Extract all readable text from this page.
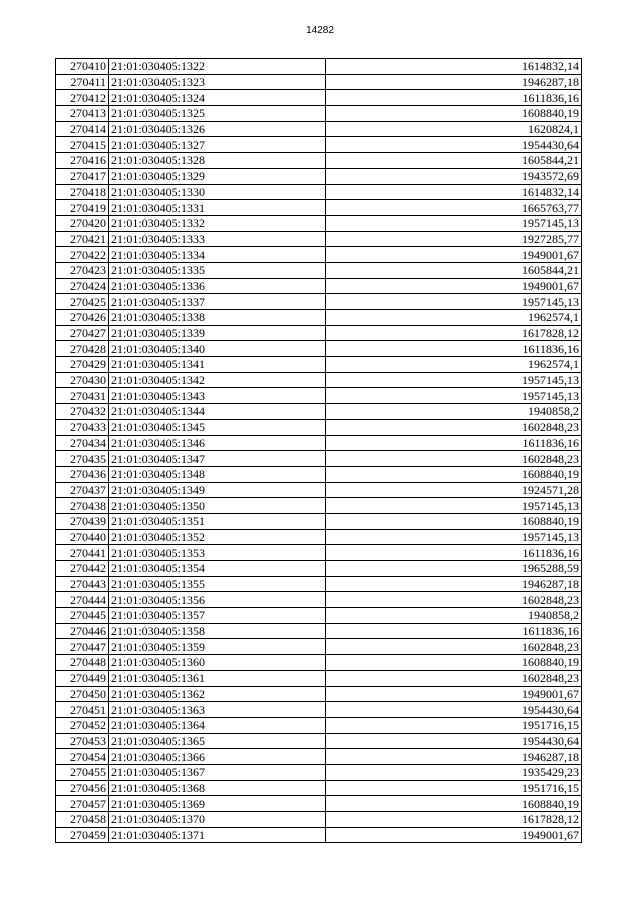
14282
270410	21:01:030405:1322	1614832,14
270411	21:01:030405:1323	1946287,18
270412	21:01:030405:1324	1611836,16
270413	21:01:030405:1325	1608840,19
270414	21:01:030405:1326	1620824,1
270415	21:01:030405:1327	1954430,64
270416	21:01:030405:1328	1605844,21
270417	21:01:030405:1329	1943572,69
270418	21:01:030405:1330	1614832,14
270419	21:01:030405:1331	1665763,77
270420	21:01:030405:1332	1957145,13
270421	21:01:030405:1333	1927285,77
270422	21:01:030405:1334	1949001,67
270423	21:01:030405:1335	1605844,21
270424	21:01:030405:1336	1949001,67
270425	21:01:030405:1337	1957145,13
270426	21:01:030405:1338	1962574,1
270427	21:01:030405:1339	1617828,12
270428	21:01:030405:1340	1611836,16
270429	21:01:030405:1341	1962574,1
270430	21:01:030405:1342	1957145,13
270431	21:01:030405:1343	1957145,13
270432	21:01:030405:1344	1940858,2
270433	21:01:030405:1345	1602848,23
270434	21:01:030405:1346	1611836,16
270435	21:01:030405:1347	1602848,23
270436	21:01:030405:1348	1608840,19
270437	21:01:030405:1349	1924571,28
270438	21:01:030405:1350	1957145,13
270439	21:01:030405:1351	1608840,19
270440	21:01:030405:1352	1957145,13
270441	21:01:030405:1353	1611836,16
270442	21:01:030405:1354	1965288,59
270443	21:01:030405:1355	1946287,18
270444	21:01:030405:1356	1602848,23
270445	21:01:030405:1357	1940858,2
270446	21:01:030405:1358	1611836,16
270447	21:01:030405:1359	1602848,23
270448	21:01:030405:1360	1608840,19
270449	21:01:030405:1361	1602848,23
270450	21:01:030405:1362	1949001,67
270451	21:01:030405:1363	1954430,64
270452	21:01:030405:1364	1951716,15
270453	21:01:030405:1365	1954430,64
270454	21:01:030405:1366	1946287,18
270455	21:01:030405:1367	1935429,23
270456	21:01:030405:1368	1951716,15
270457	21:01:030405:1369	1608840,19
270458	21:01:030405:1370	1617828,12
270459	21:01:030405:1371	1949001,67
